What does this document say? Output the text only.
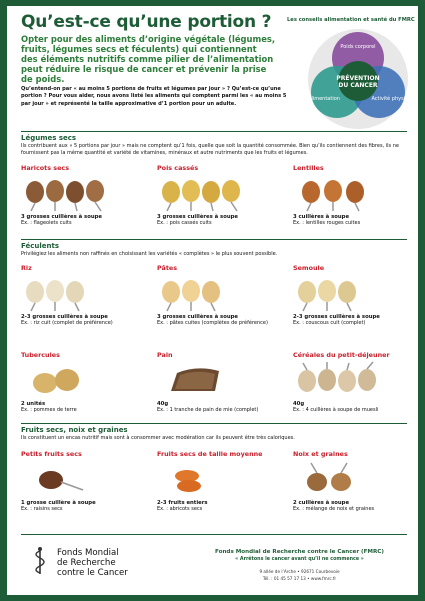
Qu’est-ce qu’une portion ?
Opter pour des aliments d’origine végétale (légumes, fruits, légumes secs et féculents) qui contiennent des éléments nutritifs comme pilier de l’alimentation peut réduire le risque de cancer et prévenir la prise de poids.
Qu’entend-on par « au moins 5 portions de fruits et légumes par jour » ? Qu’est-ce qu’une portion ? Pour vous aider, nous avons listé les aliments qui comptent parmi les « au moins 5 par jour » et représenté la taille approximative d’1 portion pour un adulte.
Les conseils alimentation et santé du FMRC
Poids corporel
Alimentation	Activité physique
PRÉVENTION
DU CANCER
Légumes secs
Ils contribuent aux « 5 portions par jour » mais ne comptent qu’1 fois, quelle que soit la quantité consommée. Bien qu’ils contiennent des fibres, ils ne fournissent pas la même quantité et variété de vitamines, minéraux et autre nutriments que les fruits et légumes.
Haricots secs
3 grosses cuillères à soupe
Ex. : flageolets cuits
Pois cassés
3 grosses cuillères à soupe
Ex. : pois cassés cuits
Lentilles
3 cuillères à soupe
Ex. : lentilles rouges cuites
Féculents
Privilégiez les aliments non raffinés en choisissant les variétés « complètes » le plus souvent possible.
Riz
2-3 grosses cuillères à soupe
Ex. : riz cuit (complet de préférence)
Pâtes
3 grosses cuillères à soupe
Ex. : pâtes cuites (complètes de préférence)
Semoule
2-3 grosses cuillères à soupe
Ex. : couscous cuit (complet)
Tubercules
2 unités
Ex. : pommes de terre
Pain
40g
Ex. : 1 tranche de pain de mie (complet)
Céréales du petit-déjeuner
40g
Ex. : 4 cuillères à soupe de muesli
Fruits secs, noix et graines
Ils constituent un encas nutritif mais sont à consommer avec modération car ils peuvent être très caloriques.
Petits fruits secs
1 grosse cuillère à soupe
Ex. : raisins secs
Fruits secs de taille moyenne
2-3 fruits entiers
Ex. : abricots secs
Noix et graines
2 cuillères à soupe
Ex. : mélange de noix et graines
Fonds Mondial
de Recherche
contre le Cancer
Fonds Mondial de Recherche contre le Cancer (FMRC)
« Arrêtons le cancer avant qu’il ne commence »
9 allée de l’Arche • 92671 Courbevoie
Tél. : 01 45 57 17 13 • www.fmrc.fr
